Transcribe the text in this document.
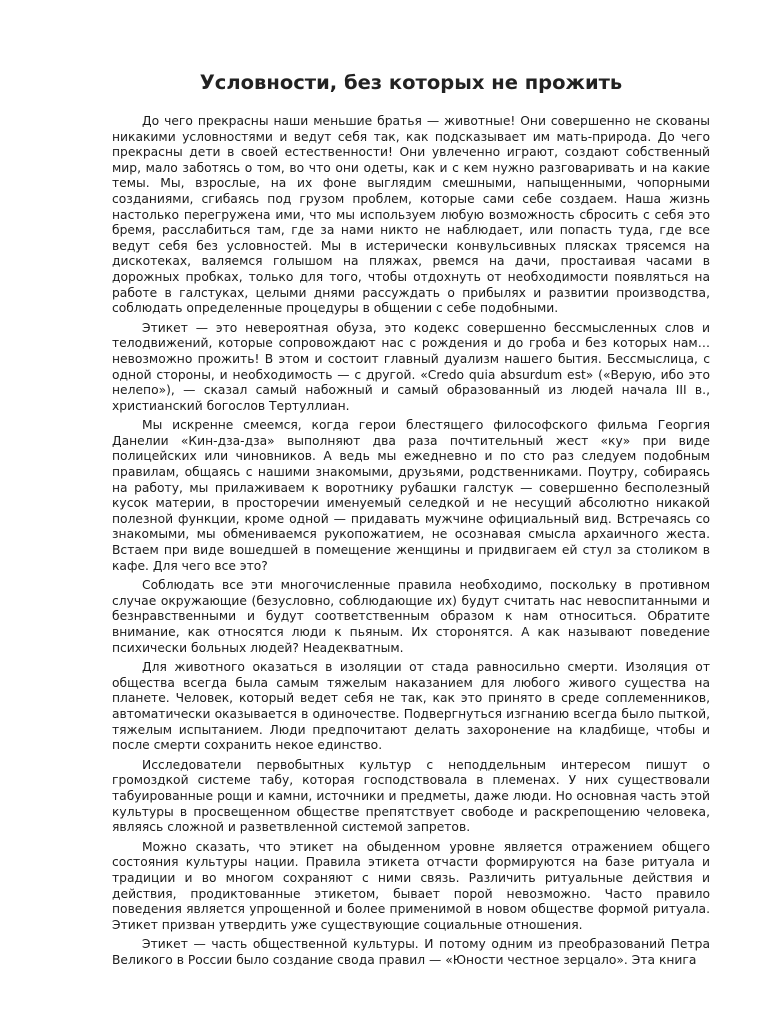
Условности, без которых не прожить

До чего прекрасны наши меньшие братья — животные! Они совершенно не скованы никакими условностями и ведут себя так, как подсказывает им мать-природа. До чего прекрасны дети в своей естественности! Они увлеченно играют, создают собственный мир, мало заботясь о том, во что они одеты, как и с кем нужно разговаривать и на какие темы. Мы, взрослые, на их фоне выглядим смешными, напыщенными, чопорными созданиями, сгибаясь под грузом проблем, которые сами себе создаем. Наша жизнь настолько перегружена ими, что мы используем любую возможность сбросить с себя это бремя, расслабиться там, где за нами никто не наблюдает, или попасть туда, где все ведут себя без условностей. Мы в истерически конвульсивных плясках трясемся на дискотеках, валяемся голышом на пляжах, рвемся на дачи, простаивая часами в дорожных пробках, только для того, чтобы отдохнуть от необходимости появляться на работе в галстуках, целыми днями рассуждать о прибылях и развитии производства, соблюдать определенные процедуры в общении с себе подобными.

Этикет — это невероятная обуза, это кодекс совершенно бессмысленных слов и телодвижений, которые сопровождают нас с рождения и до гроба и без которых нам… невозможно прожить! В этом и состоит главный дуализм нашего бытия. Бессмыслица, с одной стороны, и необходимость — с другой. «Credo quia absurdum est» («Верую, ибо это нелепо»), — сказал самый набожный и самый образованный из людей начала III в., христианский богослов Тертуллиан.

Мы искренне смеемся, когда герои блестящего философского фильма Георгия Данелии «Кин-дза-дза» выполняют два раза почтительный жест «ку» при виде полицейских или чиновников. А ведь мы ежедневно и по сто раз следуем подобным правилам, общаясь с нашими знакомыми, друзьями, родственниками. Поутру, собираясь на работу, мы прилаживаем к воротнику рубашки галстук — совершенно бесполезный кусок материи, в просторечии именуемый селедкой и не несущий абсолютно никакой полезной функции, кроме одной — придавать мужчине официальный вид. Встречаясь со знакомыми, мы обмениваемся рукопожатием, не осознавая смысла архаичного жеста. Встаем при виде вошедшей в помещение женщины и придвигаем ей стул за столиком в кафе. Для чего все это?

Соблюдать все эти многочисленные правила необходимо, поскольку в противном случае окружающие (безусловно, соблюдающие их) будут считать нас невоспитанными и безнравственными и будут соответственным образом к нам относиться. Обратите внимание, как относятся люди к пьяным. Их сторонятся. А как называют поведение психически больных людей? Неадекватным.

Для животного оказаться в изоляции от стада равносильно смерти. Изоляция от общества всегда была самым тяжелым наказанием для любого живого существа на планете. Человек, который ведет себя не так, как это принято в среде соплеменников, автоматически оказывается в одиночестве. Подвергнуться изгнанию всегда было пыткой, тяжелым испытанием. Люди предпочитают делать захоронение на кладбище, чтобы и после смерти сохранить некое единство.

Исследователи первобытных культур с неподдельным интересом пишут о громоздкой системе табу, которая господствовала в племенах. У них существовали табуированные рощи и камни, источники и предметы, даже люди. Но основная часть этой культуры в просвещенном обществе препятствует свободе и раскрепощению человека, являясь сложной и разветвленной системой запретов.

Можно сказать, что этикет на обыденном уровне является отражением общего состояния культуры нации. Правила этикета отчасти формируются на базе ритуала и традиции и во многом сохраняют с ними связь. Различить ритуальные действия и действия, продиктованные этикетом, бывает порой невозможно. Часто правило поведения является упрощенной и более применимой в новом обществе формой ритуала. Этикет призван утвердить уже существующие социальные отношения.

Этикет — часть общественной культуры. И потому одним из преобразований Петра Великого в России было создание свода правил — «Юности честное зерцало». Эта книга
